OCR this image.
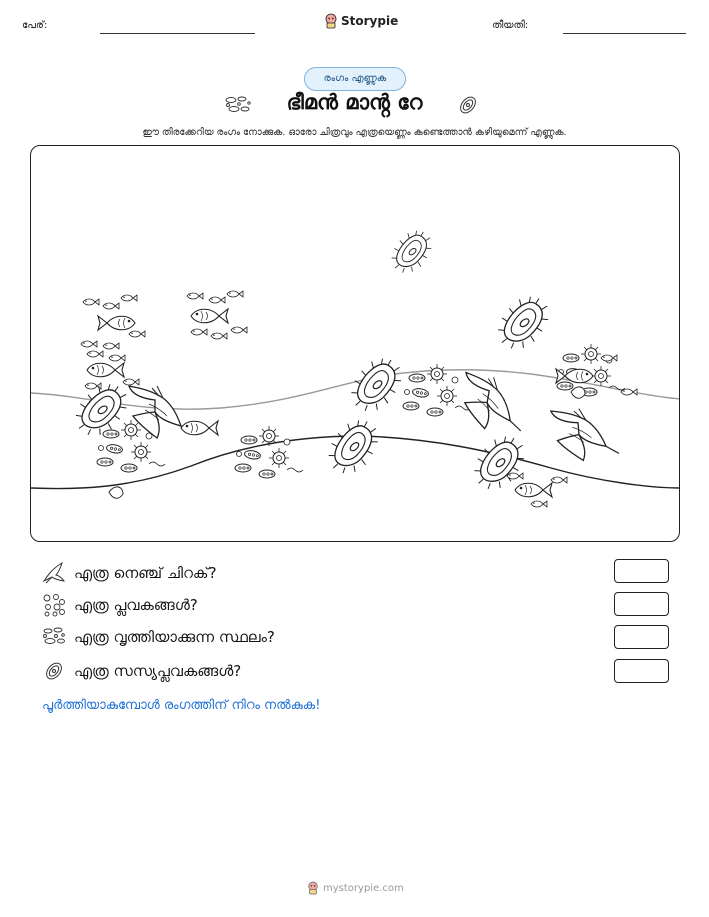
പേര്:	Storypie	തീയതി:
രംഗം എണ്ണുക
ഭീമൻ മാൻ്റ റേ
ഈ തിരക്കേറിയ രംഗം നോക്കുക. ഓരോ ചിത്രവും എത്രയെണ്ണം കണ്ടെത്താൻ കഴിയുമെന്ന് എണ്ണുക.
എത്ര നെഞ്ച് ചിറക്?
എത്ര പ്ലവകങ്ങൾ?
എത്ര വൃത്തിയാക്കുന്ന സ്ഥലം?
എത്ര സസ്യപ്ലവകങ്ങൾ?
പൂർത്തിയാകുമ്പോൾ രംഗത്തിന് നിറം നൽകുക!
mystorypie.com
